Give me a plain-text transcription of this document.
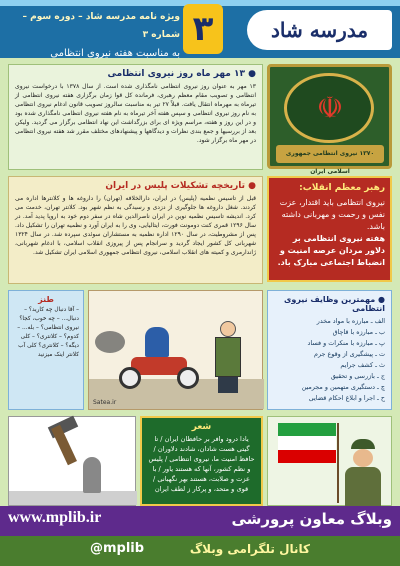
مدرسه شاد
۳
ویژه نامه مدرسه شاد – دوره سوم – شماره ۳
به مناسبت هفته نیروی انتظامی
☫
۱۳۷۰ نیروی انتظامی جمهوری اسلامی ایران
● ۱۳ مهر ماه روز نیروی انتظامی

۱۳ مهر به عنوان روز نیروی انتظامی نامگذاری شده است. از سال ۱۳۷۸ با درخواست نیروی انتظامی و تصویب مقام معظم رهبری، فرمانده کل قوا زمان برگزاری هفته نیروی انتظامی از تیرماه به مهرماه انتقال یافت. قبلاً ۲۷ تیر به مناسبت سالروز تصویب قانون ادغام نیروی انتظامی به نام روز نیروی انتظامی و سپس هفته آخر تیرماه به نام هفته نیروی انتظامی نامگذاری شده بود و در این روز و هفته، مراسم ویژه ای برای بزرگداشت این نهاد انتظامی برگزار می گردید. ولیکن بعد از بررسیها و جمع بندی نظرات و دیدگاهها و پیشنهادهای مختلف مقرر شد هفته نیروی انتظامی در مهر ماه برگزار شود.

رهبر معظم انقلاب:

نیروی انتظامی باید اقتدار، عزت نفس و رحمت و مهربانی داشته باشد.

هفته نیروی انتظامی بر دلاور مردان عرصه امنیت و انضباط اجتماعی مبارک باد.

● تاریخچه تشکیلات پلیس در ایران

قبل از تاسیس نظمیه (پلیس) در ایران، دارالخلافه (تهران) را داروغه ها و کلانترها اداره می کردند. شغل داروغه ها جلوگیری از دزدی و رسیدگی به نظم شهر بود. کلانتر تهران، خدمت می کرد. اندیشه تاسیس نظمیه نوین در ایران ناصرالدین شاه در سفر دوم خود به اروپا پدید آمد. در سال ۱۲۹۶ قمری کنت دومونت فورت، ایتالیایی، وی را به ایران آورد و نظمیه تهران را تشکیل داد. پس از مشروطیت، در سال ۱۲۹۰ اداره نظمیه به مستشاران سوئدی سپرده شد. در سال ۱۳۲۴ شهربانی کل کشور ایجاد گردید و سرانجام پس از پیروزی انقلاب اسلامی، با ادغام شهربانی، ژاندارمری و کمیته های انقلاب اسلامی، نیروی انتظامی جمهوری اسلامی ایران تشکیل شد.

● مهمترین وظایف نیروی انتظامی
الف ـ مبارزه با مواد مخدر
ب ـ مبارزه با قاچاق
پ ـ مبارزه با منکرات و فساد
ت ـ پیشگیری از وقوع جرم
ث ـ کشف جرایم
ج ـ بازرسی و تحقیق
چ ـ دستگیری متهمین و مجرمین
ح ـ اجرا و ابلاغ احکام قضایی
Satea.ir
طنز

– آقا دنبال چه کارید؟ – دنبال... – چه خوب، کجا؟ نیروی انتظامی؟ – بله... – کدوم؟ – کلانتری؟ – کلی دیگه؟ – کلانتری؟ کلی آب کلانتر اینک میزنید

شعر

یادا درود وافر بر حافظان ایران / تا گیتی هست شادان، شادند دلاوران / حافظ امنیت ما، نیروی انتظامی / پلیس و نظم کشور، آنها که هستند یاور / با عزت و صلابت، هستند بهر نگهبانی / قوی و متحد، و پرکار ز لطف ایران

www.mplib.ir	وبلاگ معاون پرورشی
کانال تلگرامی وبلاگ
@mplib
